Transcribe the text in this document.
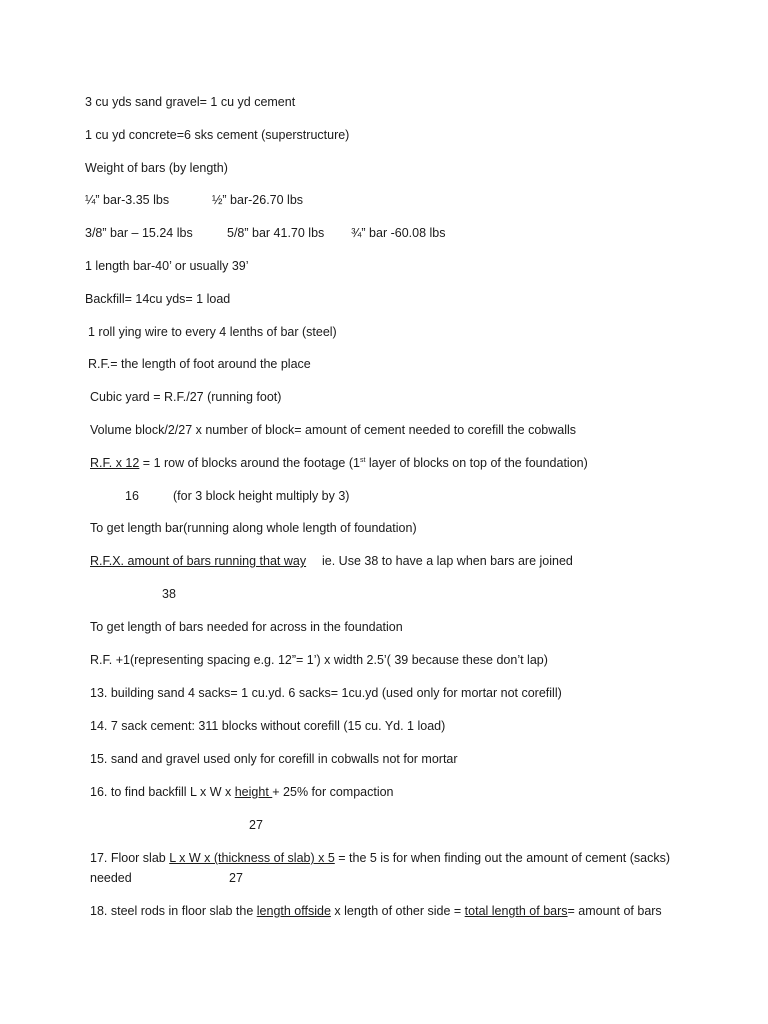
3 cu yds sand gravel= 1 cu yd cement
1 cu yd concrete=6 sks cement (superstructure)
Weight of bars (by length)
¼” bar-3.35 lbs	½” bar-26.70 lbs
3/8” bar – 15.24 lbs	5/8” bar 41.70 lbs ¾” bar -60.08 lbs
1 length bar-40’ or usually 39’
Backfill= 14cu yds= 1 load
1 roll ying wire to every 4 lenths of bar (steel)
R.F.= the length of foot around the place
Cubic yard = R.F./27 (running foot)
Volume block/2/27 x number of block= amount of cement needed to corefill the cobwalls
R.F. x 12 = 1 row of blocks around the footage (1st layer of blocks on top of the foundation)
16	(for 3 block height multiply by 3)
To get length bar(running along whole length of foundation)
R.F.X. amount of bars running that way ie. Use 38 to have a lap when bars are joined
38
To get length of bars needed for across in the foundation
R.F. +1(representing spacing e.g. 12”= 1’) x width 2.5’( 39 because these don’t lap)
13. building sand 4 sacks= 1 cu.yd. 6 sacks= 1cu.yd (used only for mortar not corefill)
14. 7 sack cement: 311 blocks without corefill (15 cu. Yd. 1 load)
15. sand and gravel used only for corefill in cobwalls not for mortar
16. to find backfill L x W x height + 25% for compaction
27
17. Floor slab L x W x (thickness of slab) x 5 = the 5 is for when finding out the amount of cement (sacks)
needed	27
18. steel rods in floor slab the length offside x length of other side = total length of bars= amount of bars
